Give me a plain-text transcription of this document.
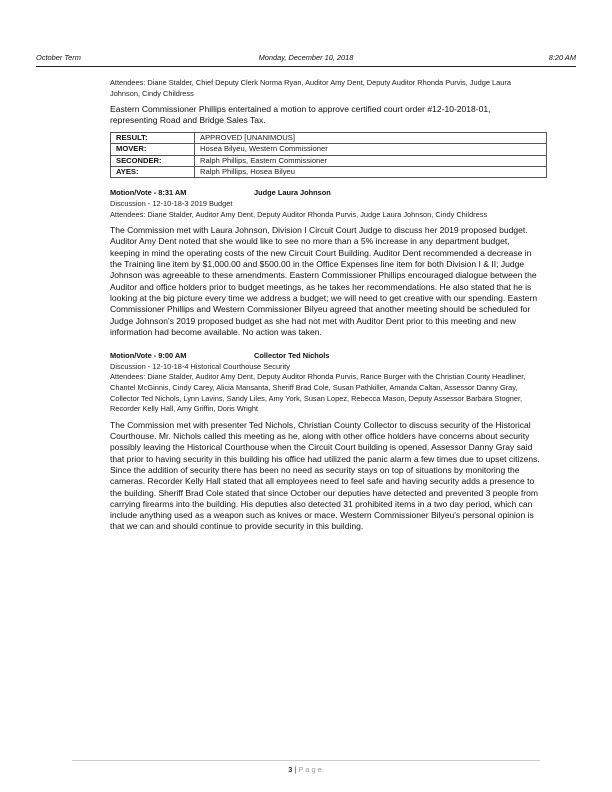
October Term	Monday, December 10, 2018	8:20 AM

Attendees: Diane Stalder, Chief Deputy Clerk Norma Ryan, Auditor Amy Dent, Deputy Auditor Rhonda Purvis, Judge Laura Johnson, Cindy Childress

Eastern Commissioner Phillips entertained a motion to approve certified court order #12-10-2018-01, representing Road and Bridge Sales Tax.

RESULT:	APPROVED [UNANIMOUS]
MOVER:	Hosea Bilyeu, Western Commissioner
SECONDER:	Ralph Phillips, Eastern Commissioner
AYES:	Ralph Phillips, Hosea Bilyeu
Motion/Vote - 8:31 AM	Judge Laura Johnson

Discussion - 12-10-18-3 2019 Budget

Attendees: Diane Stalder, Auditor Amy Dent, Deputy Auditor Rhonda Purvis, Judge Laura Johnson, Cindy Childress

The Commission met with Laura Johnson, Division I Circuit Court Judge to discuss her 2019 proposed budget. Auditor Amy Dent noted that she would like to see no more than a 5% increase in any department budget, keeping in mind the operating costs of the new Circuit Court Building. Auditor Dent recommended a decrease in the Training line item by $1,000.00 and $500.00 in the Office Expenses line item for both Division I & II; Judge Johnson was agreeable to these amendments. Eastern Commissioner Phillips encouraged dialogue between the Auditor and office holders prior to budget meetings, as he takes her recommendations. He also stated that he is looking at the big picture every time we address a budget; we will need to get creative with our spending. Eastern Commissioner Phillips and Western Commissioner Bilyeu agreed that another meeting should be scheduled for Judge Johnson's 2019 proposed budget as she had not met with Auditor Dent prior to this meeting and new information had become available. No action was taken.

Motion/Vote - 9:00 AM	Collector Ted Nichols

Discussion - 12-10-18-4 Historical Courthouse Security

Attendees: Diane Stalder, Auditor Amy Dent, Deputy Auditor Rhonda Purvis, Rance Burger with the Christian County Headliner, Chantel McGinnis, Cindy Carey, Alicia Mansanta, Sheriff Brad Cole, Susan Pathkiller, Amanda Caltan, Assessor Danny Gray, Collector Ted Nichols, Lynn Lavins, Sandy Liles, Amy York, Susan Lopez, Rebecca Mason, Deputy Assessor Barbara Stogner, Recorder Kelly Hall, Amy Griffin, Doris Wright

The Commission met with presenter Ted Nichols, Christian County Collector to discuss security of the Historical Courthouse. Mr. Nichols called this meeting as he, along with other office holders have concerns about security possibly leaving the Historical Courthouse when the Circuit Court building is opened. Assessor Danny Gray said that prior to having security in this building his office had utilized the panic alarm a few times due to upset citizens. Since the addition of security there has been no need as security stays on top of situations by monitoring the cameras. Recorder Kelly Hall stated that all employees need to feel safe and having security adds a presence to the building. Sheriff Brad Cole stated that since October our deputies have detected and prevented 3 people from carrying firearms into the building. His deputies also detected 31 prohibited items in a two day period, which can include anything used as a weapon such as knives or mace. Western Commissioner Bilyeu's personal opinion is that we can and should continue to provide security in this building.

3 | Page
